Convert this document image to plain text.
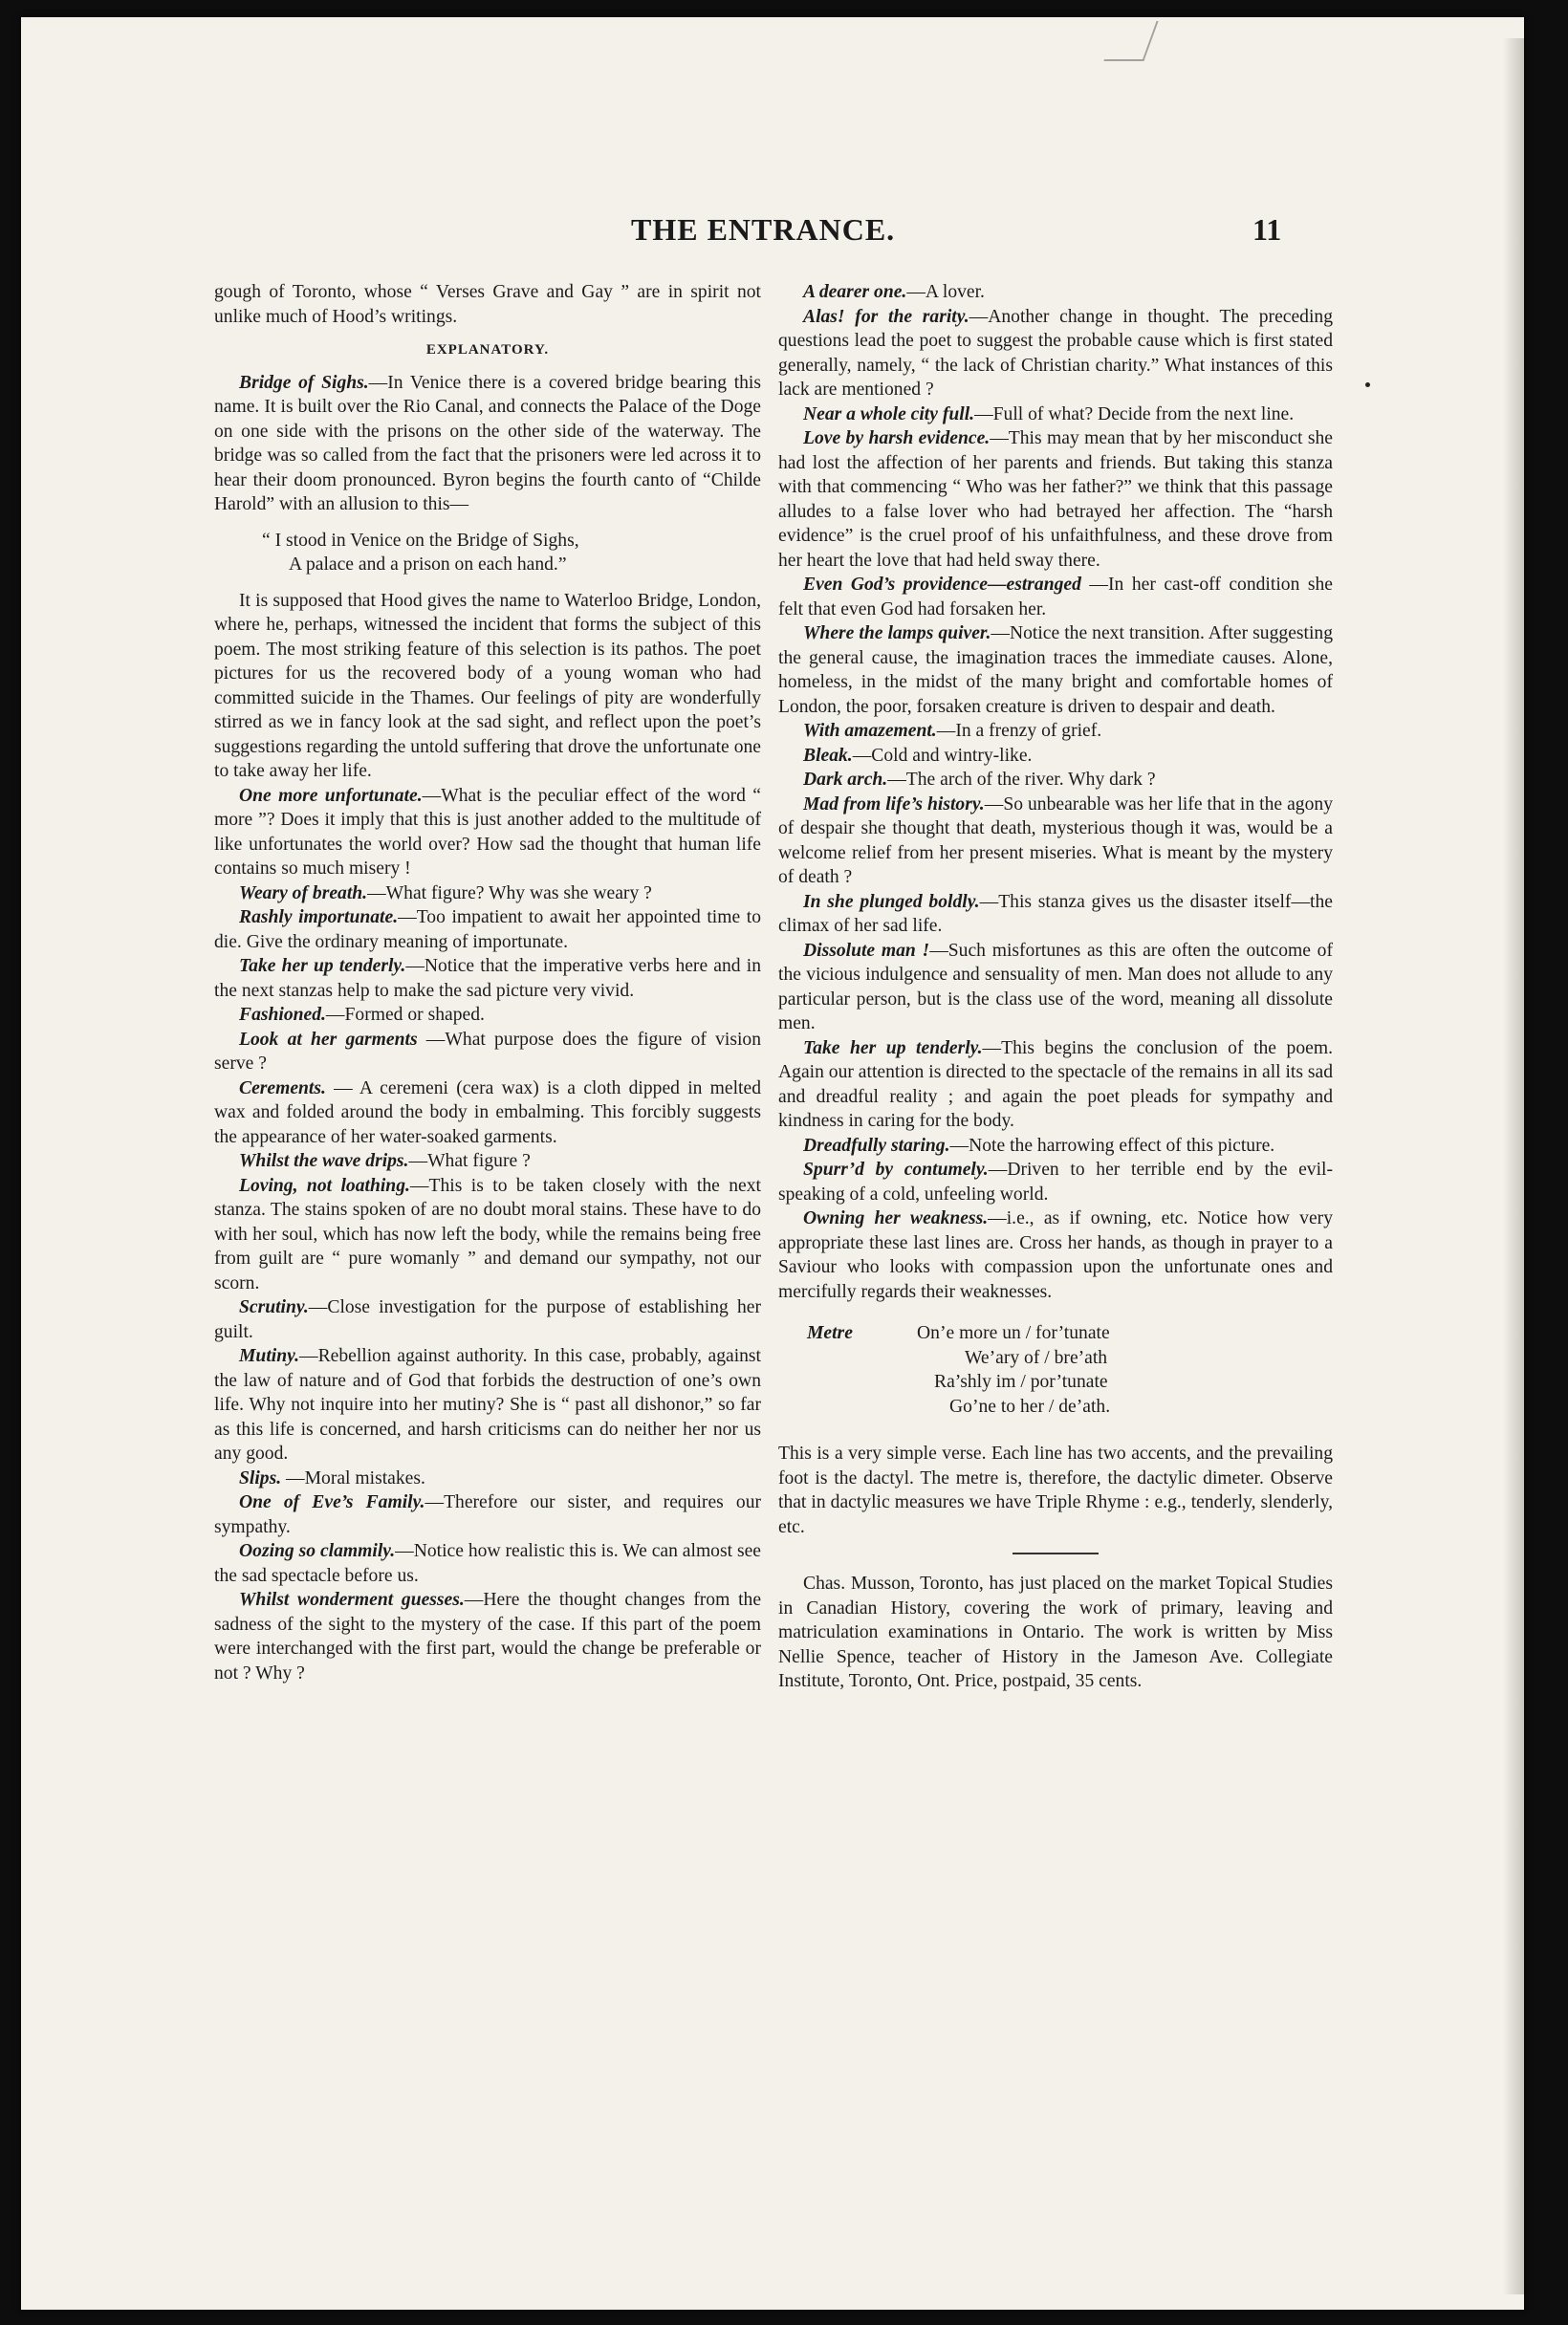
THE ENTRANCE.	11

gough of Toronto, whose “ Verses Grave and Gay ” are in spirit not unlike much of Hood’s writings.

EXPLANATORY.

Bridge of Sighs.—In Venice there is a covered bridge bearing this name. It is built over the Rio Canal, and connects the Palace of the Doge on one side with the prisons on the other side of the waterway. The bridge was so called from the fact that the prisoners were led across it to hear their doom pronounced. Byron begins the fourth canto of “Childe Harold” with an allusion to this—

“ I stood in Venice on the Bridge of Sighs,
A palace and a prison on each hand.”

It is supposed that Hood gives the name to Waterloo Bridge, London, where he, perhaps, witnessed the incident that forms the subject of this poem. The most striking feature of this selection is its pathos. The poet pictures for us the recovered body of a young woman who had committed suicide in the Thames. Our feelings of pity are wonderfully stirred as we in fancy look at the sad sight, and reflect upon the poet’s suggestions regarding the untold suffering that drove the unfortunate one to take away her life.

One more unfortunate.—What is the peculiar effect of the word “ more ”? Does it imply that this is just another added to the multitude of like unfortunates the world over? How sad the thought that human life contains so much misery !

Weary of breath.—What figure? Why was she weary ?

Rashly importunate.—Too impatient to await her appointed time to die. Give the ordinary meaning of importunate.

Take her up tenderly.—Notice that the imperative verbs here and in the next stanzas help to make the sad picture very vivid.

Fashioned.—Formed or shaped.

Look at her garments —What purpose does the figure of vision serve ?

Cerements. — A ceremeni (cera wax) is a cloth dipped in melted wax and folded around the body in embalming. This forcibly suggests the appearance of her water-soaked garments.

Whilst the wave drips.—What figure ?

Loving, not loathing.—This is to be taken closely with the next stanza. The stains spoken of are no doubt moral stains. These have to do with her soul, which has now left the body, while the remains being free from guilt are “ pure womanly ” and demand our sympathy, not our scorn.

Scrutiny.—Close investigation for the purpose of establishing her guilt.

Mutiny.—Rebellion against authority. In this case, probably, against the law of nature and of God that forbids the destruction of one’s own life. Why not inquire into her mutiny? She is “ past all dishonor,” so far as this life is concerned, and harsh criticisms can do neither her nor us any good.

Slips. —Moral mistakes.

One of Eve’s Family.—Therefore our sister, and requires our sympathy.

Oozing so clammily.—Notice how realistic this is. We can almost see the sad spectacle before us.

Whilst wonderment guesses.—Here the thought changes from the sadness of the sight to the mystery of the case. If this part of the poem were interchanged with the first part, would the change be preferable or not ? Why ?

A dearer one.—A lover.

Alas! for the rarity.—Another change in thought. The preceding questions lead the poet to suggest the probable cause which is first stated generally, namely, “ the lack of Christian charity.” What instances of this lack are mentioned ?

Near a whole city full.—Full of what? Decide from the next line.

Love by harsh evidence.—This may mean that by her misconduct she had lost the affection of her parents and friends. But taking this stanza with that commencing “ Who was her father?” we think that this passage alludes to a false lover who had betrayed her affection. The “harsh evidence” is the cruel proof of his unfaithfulness, and these drove from her heart the love that had held sway there.

Even God’s providence—estranged —In her cast-off condition she felt that even God had forsaken her.

Where the lamps quiver.—Notice the next transition. After suggesting the general cause, the imagination traces the immediate causes. Alone, homeless, in the midst of the many bright and comfortable homes of London, the poor, forsaken creature is driven to despair and death.

With amazement.—In a frenzy of grief.

Bleak.—Cold and wintry-like.

Dark arch.—The arch of the river. Why dark ?

Mad from life’s history.—So unbearable was her life that in the agony of despair she thought that death, mysterious though it was, would be a welcome relief from her present miseries. What is meant by the mystery of death ?

In she plunged boldly.—This stanza gives us the disaster itself—the climax of her sad life.

Dissolute man !—Such misfortunes as this are often the outcome of the vicious indulgence and sensuality of men. Man does not allude to any particular person, but is the class use of the word, meaning all dissolute men.

Take her up tenderly.—This begins the conclusion of the poem. Again our attention is directed to the spectacle of the remains in all its sad and dreadful reality ; and again the poet pleads for sympathy and kindness in caring for the body.

Dreadfully staring.—Note the harrowing effect of this picture.

Spurr’d by contumely.—Driven to her terrible end by the evil-speaking of a cold, unfeeling world.

Owning her weakness.—i.e., as if owning, etc. Notice how very appropriate these last lines are. Cross her hands, as though in prayer to a Saviour who looks with compassion upon the unfortunate ones and mercifully regards their weaknesses.

Metre	On’e more un / for’tunate
We’ary of / bre’ath
Ra’shly im / por’tunate
Go’ne to her / de’ath.

This is a very simple verse. Each line has two accents, and the prevailing foot is the dactyl. The metre is, therefore, the dactylic dimeter. Observe that in dactylic measures we have Triple Rhyme : e.g., tenderly, slenderly, etc.

Chas. Musson, Toronto, has just placed on the market Topical Studies in Canadian History, covering the work of primary, leaving and matriculation examinations in Ontario. The work is written by Miss Nellie Spence, teacher of History in the Jameson Ave. Collegiate Institute, Toronto, Ont. Price, postpaid, 35 cents.
